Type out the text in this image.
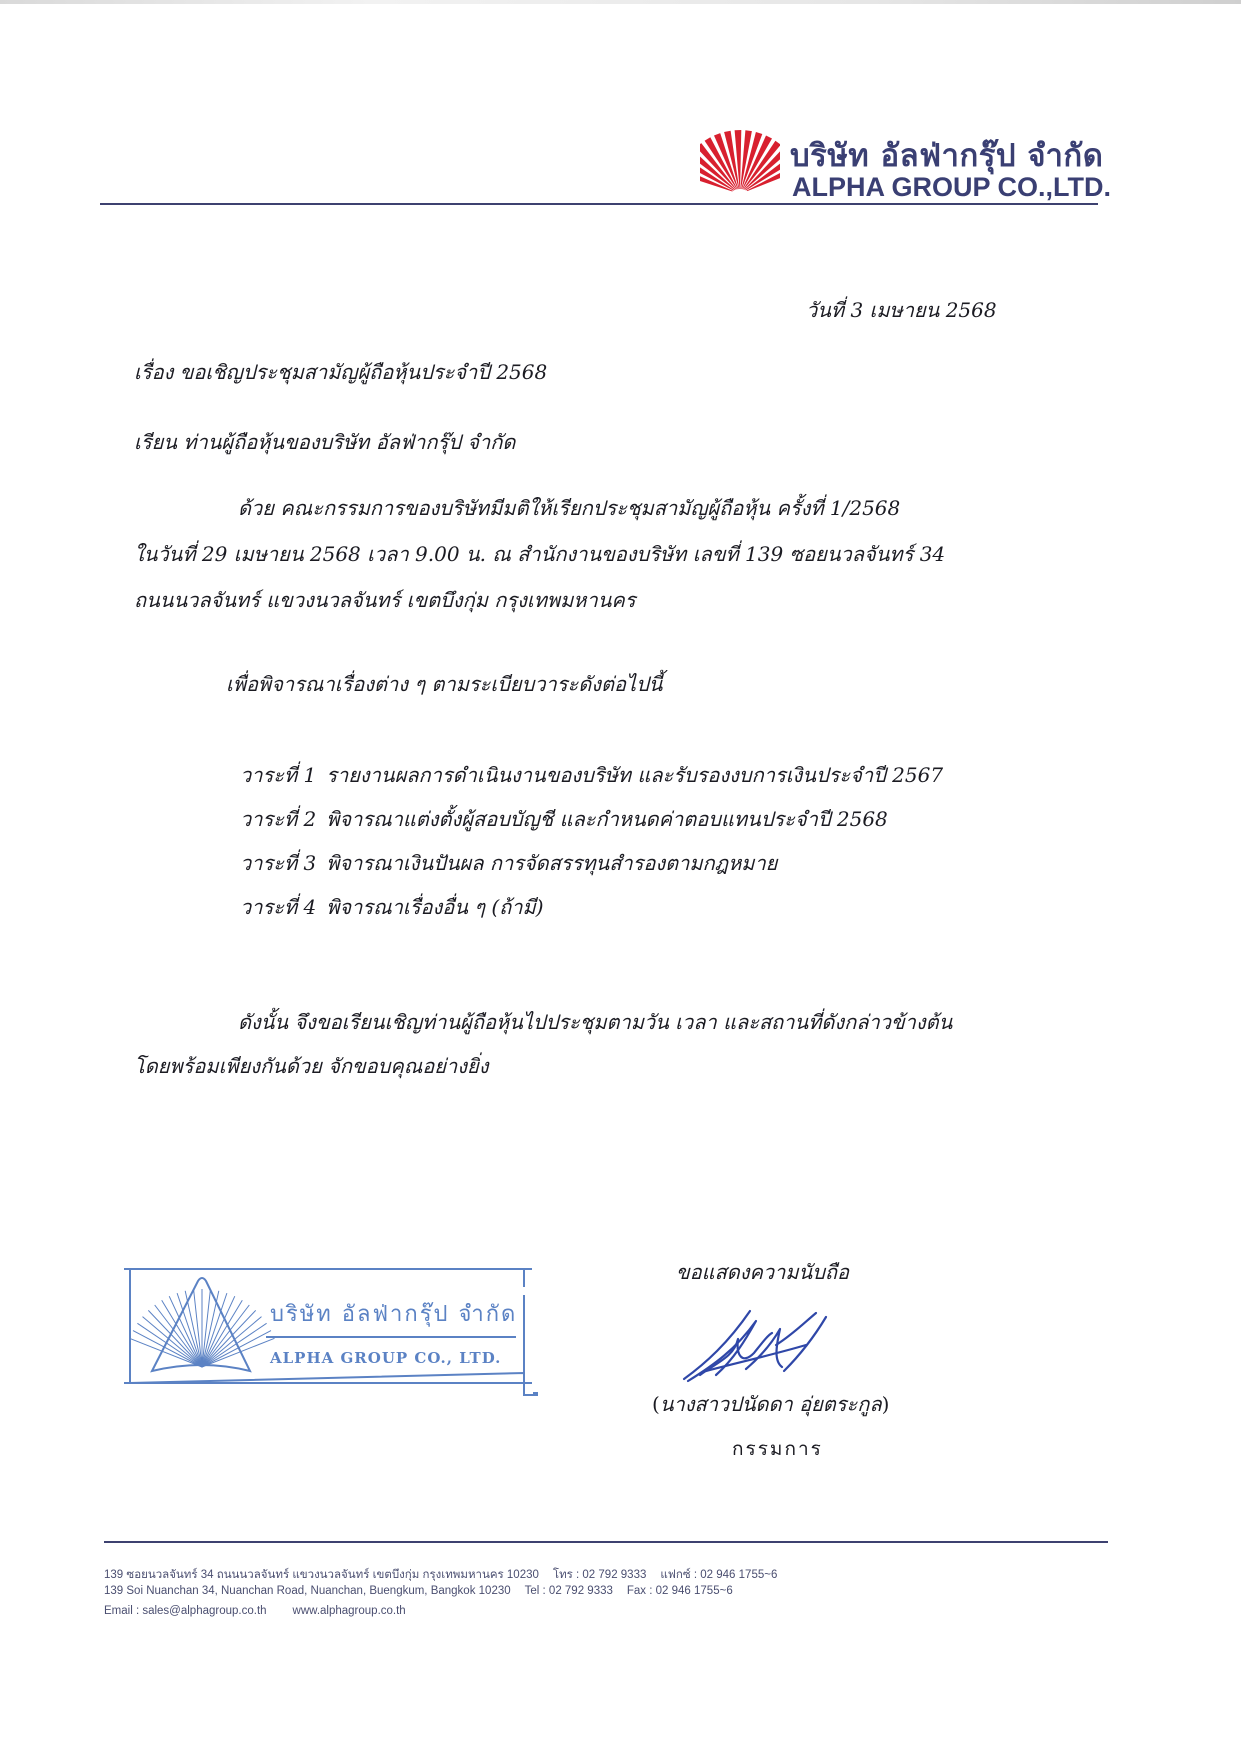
บริษัท อัลฟ่ากรุ๊ป จำกัด
ALPHA GROUP CO.,LTD.
วันที่ 3 เมษายน 2568
เรื่อง ขอเชิญประชุมสามัญผู้ถือหุ้นประจำปี 2568
เรียน ท่านผู้ถือหุ้นของบริษัท อัลฟ่ากรุ๊ป จำกัด
ด้วย คณะกรรมการของบริษัทมีมติให้เรียกประชุมสามัญผู้ถือหุ้น ครั้งที่ 1/2568
ในวันที่ 29 เมษายน 2568 เวลา 9.00 น. ณ สำนักงานของบริษัท เลขที่ 139 ซอยนวลจันทร์ 34
ถนนนวลจันทร์ แขวงนวลจันทร์ เขตบึงกุ่ม กรุงเทพมหานคร
เพื่อพิจารณาเรื่องต่าง ๆ ตามระเบียบวาระดังต่อไปนี้
วาระที่ 1 รายงานผลการดำเนินงานของบริษัท และรับรองงบการเงินประจำปี 2567
วาระที่ 2 พิจารณาแต่งตั้งผู้สอบบัญชี และกำหนดค่าตอบแทนประจำปี 2568
วาระที่ 3 พิจารณาเงินปันผล การจัดสรรทุนสำรองตามกฎหมาย
วาระที่ 4 พิจารณาเรื่องอื่น ๆ (ถ้ามี)
ดังนั้น จึงขอเรียนเชิญท่านผู้ถือหุ้นไปประชุมตามวัน เวลา และสถานที่ดังกล่าวข้างต้น
โดยพร้อมเพียงกันด้วย จักขอบคุณอย่างยิ่ง
บริษัท อัลฟ่ากรุ๊ป จำกัด
ALPHA GROUP CO., LTD.
ขอแสดงความนับถือ
(นางสาวปนัดดา อุ่ยตระกูล)
กรรมการ
139 ซอยนวลจันทร์ 34 ถนนนวลจันทร์ แขวงนวลจันทร์ เขตบึงกุ่ม กรุงเทพมหานคร 10230 โทร : 02 792 9333 แฟกซ์ : 02 946 1755~6
139 Soi Nuanchan 34, Nuanchan Road, Nuanchan, Buengkum, Bangkok 10230 Tel : 02 792 9333 Fax : 02 946 1755~6
Email : sales@alphagroup.co.th www.alphagroup.co.th
